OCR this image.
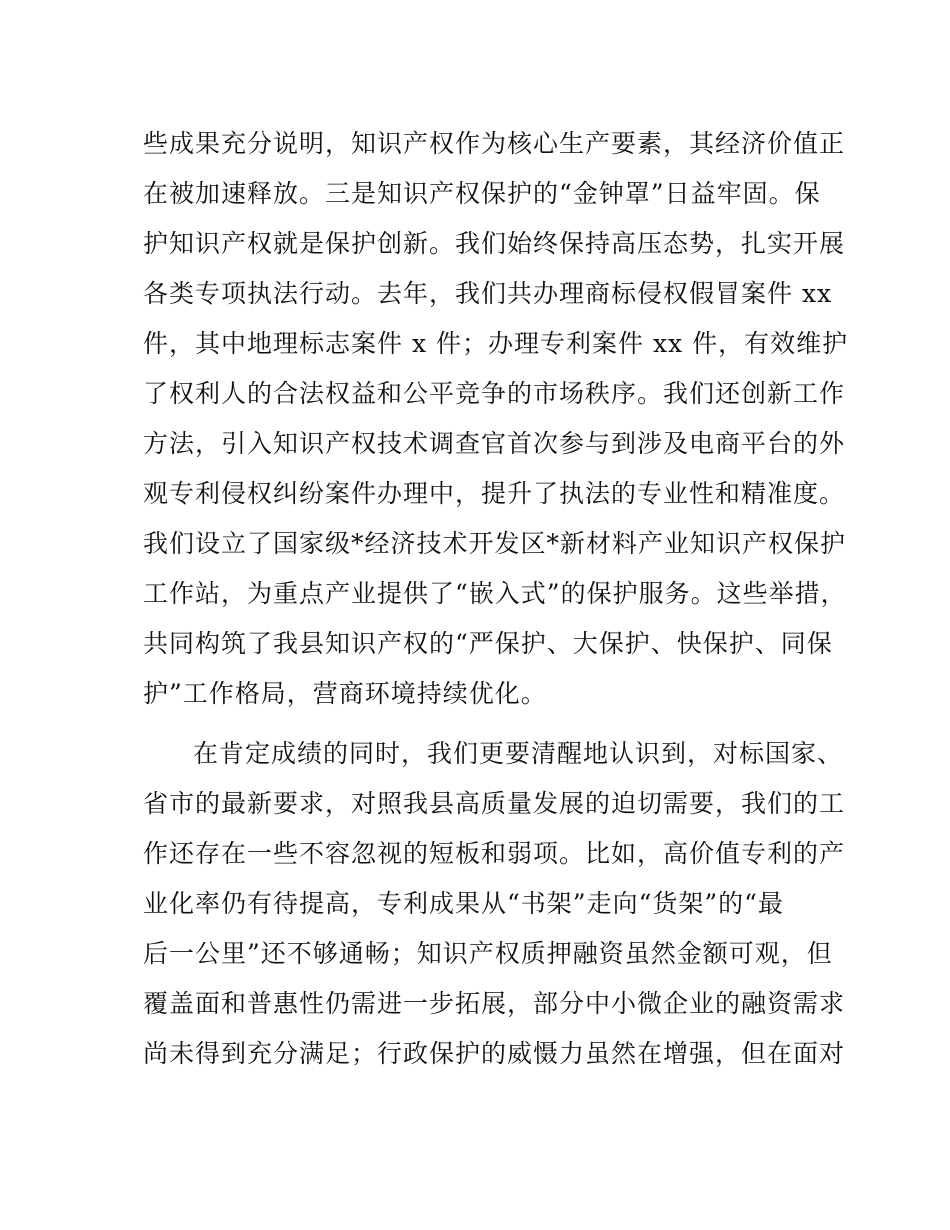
些成果充分说明，知识产权作为核心生产要素，其经济价值正
在被加速释放。三是知识产权保护的“金钟罩”日益牢固。保
护知识产权就是保护创新。我们始终保持高压态势，扎实开展
各类专项执法行动。去年，我们共办理商标侵权假冒案件 xx
件，其中地理标志案件 x 件；办理专利案件 xx 件，有效维护
了权利人的合法权益和公平竞争的市场秩序。我们还创新工作
方法，引入知识产权技术调查官首次参与到涉及电商平台的外
观专利侵权纠纷案件办理中，提升了执法的专业性和精准度。
我们设立了国家级*经济技术开发区*新材料产业知识产权保护
工作站，为重点产业提供了“嵌入式”的保护服务。这些举措，
共同构筑了我县知识产权的“严保护、大保护、快保护、同保
护”工作格局，营商环境持续优化。
在肯定成绩的同时，我们更要清醒地认识到，对标国家、
省市的最新要求，对照我县高质量发展的迫切需要，我们的工
作还存在一些不容忽视的短板和弱项。比如，高价值专利的产
业化率仍有待提高，专利成果从“书架”走向“货架”的“最
后一公里”还不够通畅；知识产权质押融资虽然金额可观，但
覆盖面和普惠性仍需进一步拓展，部分中小微企业的融资需求
尚未得到充分满足；行政保护的威慑力虽然在增强，但在面对
